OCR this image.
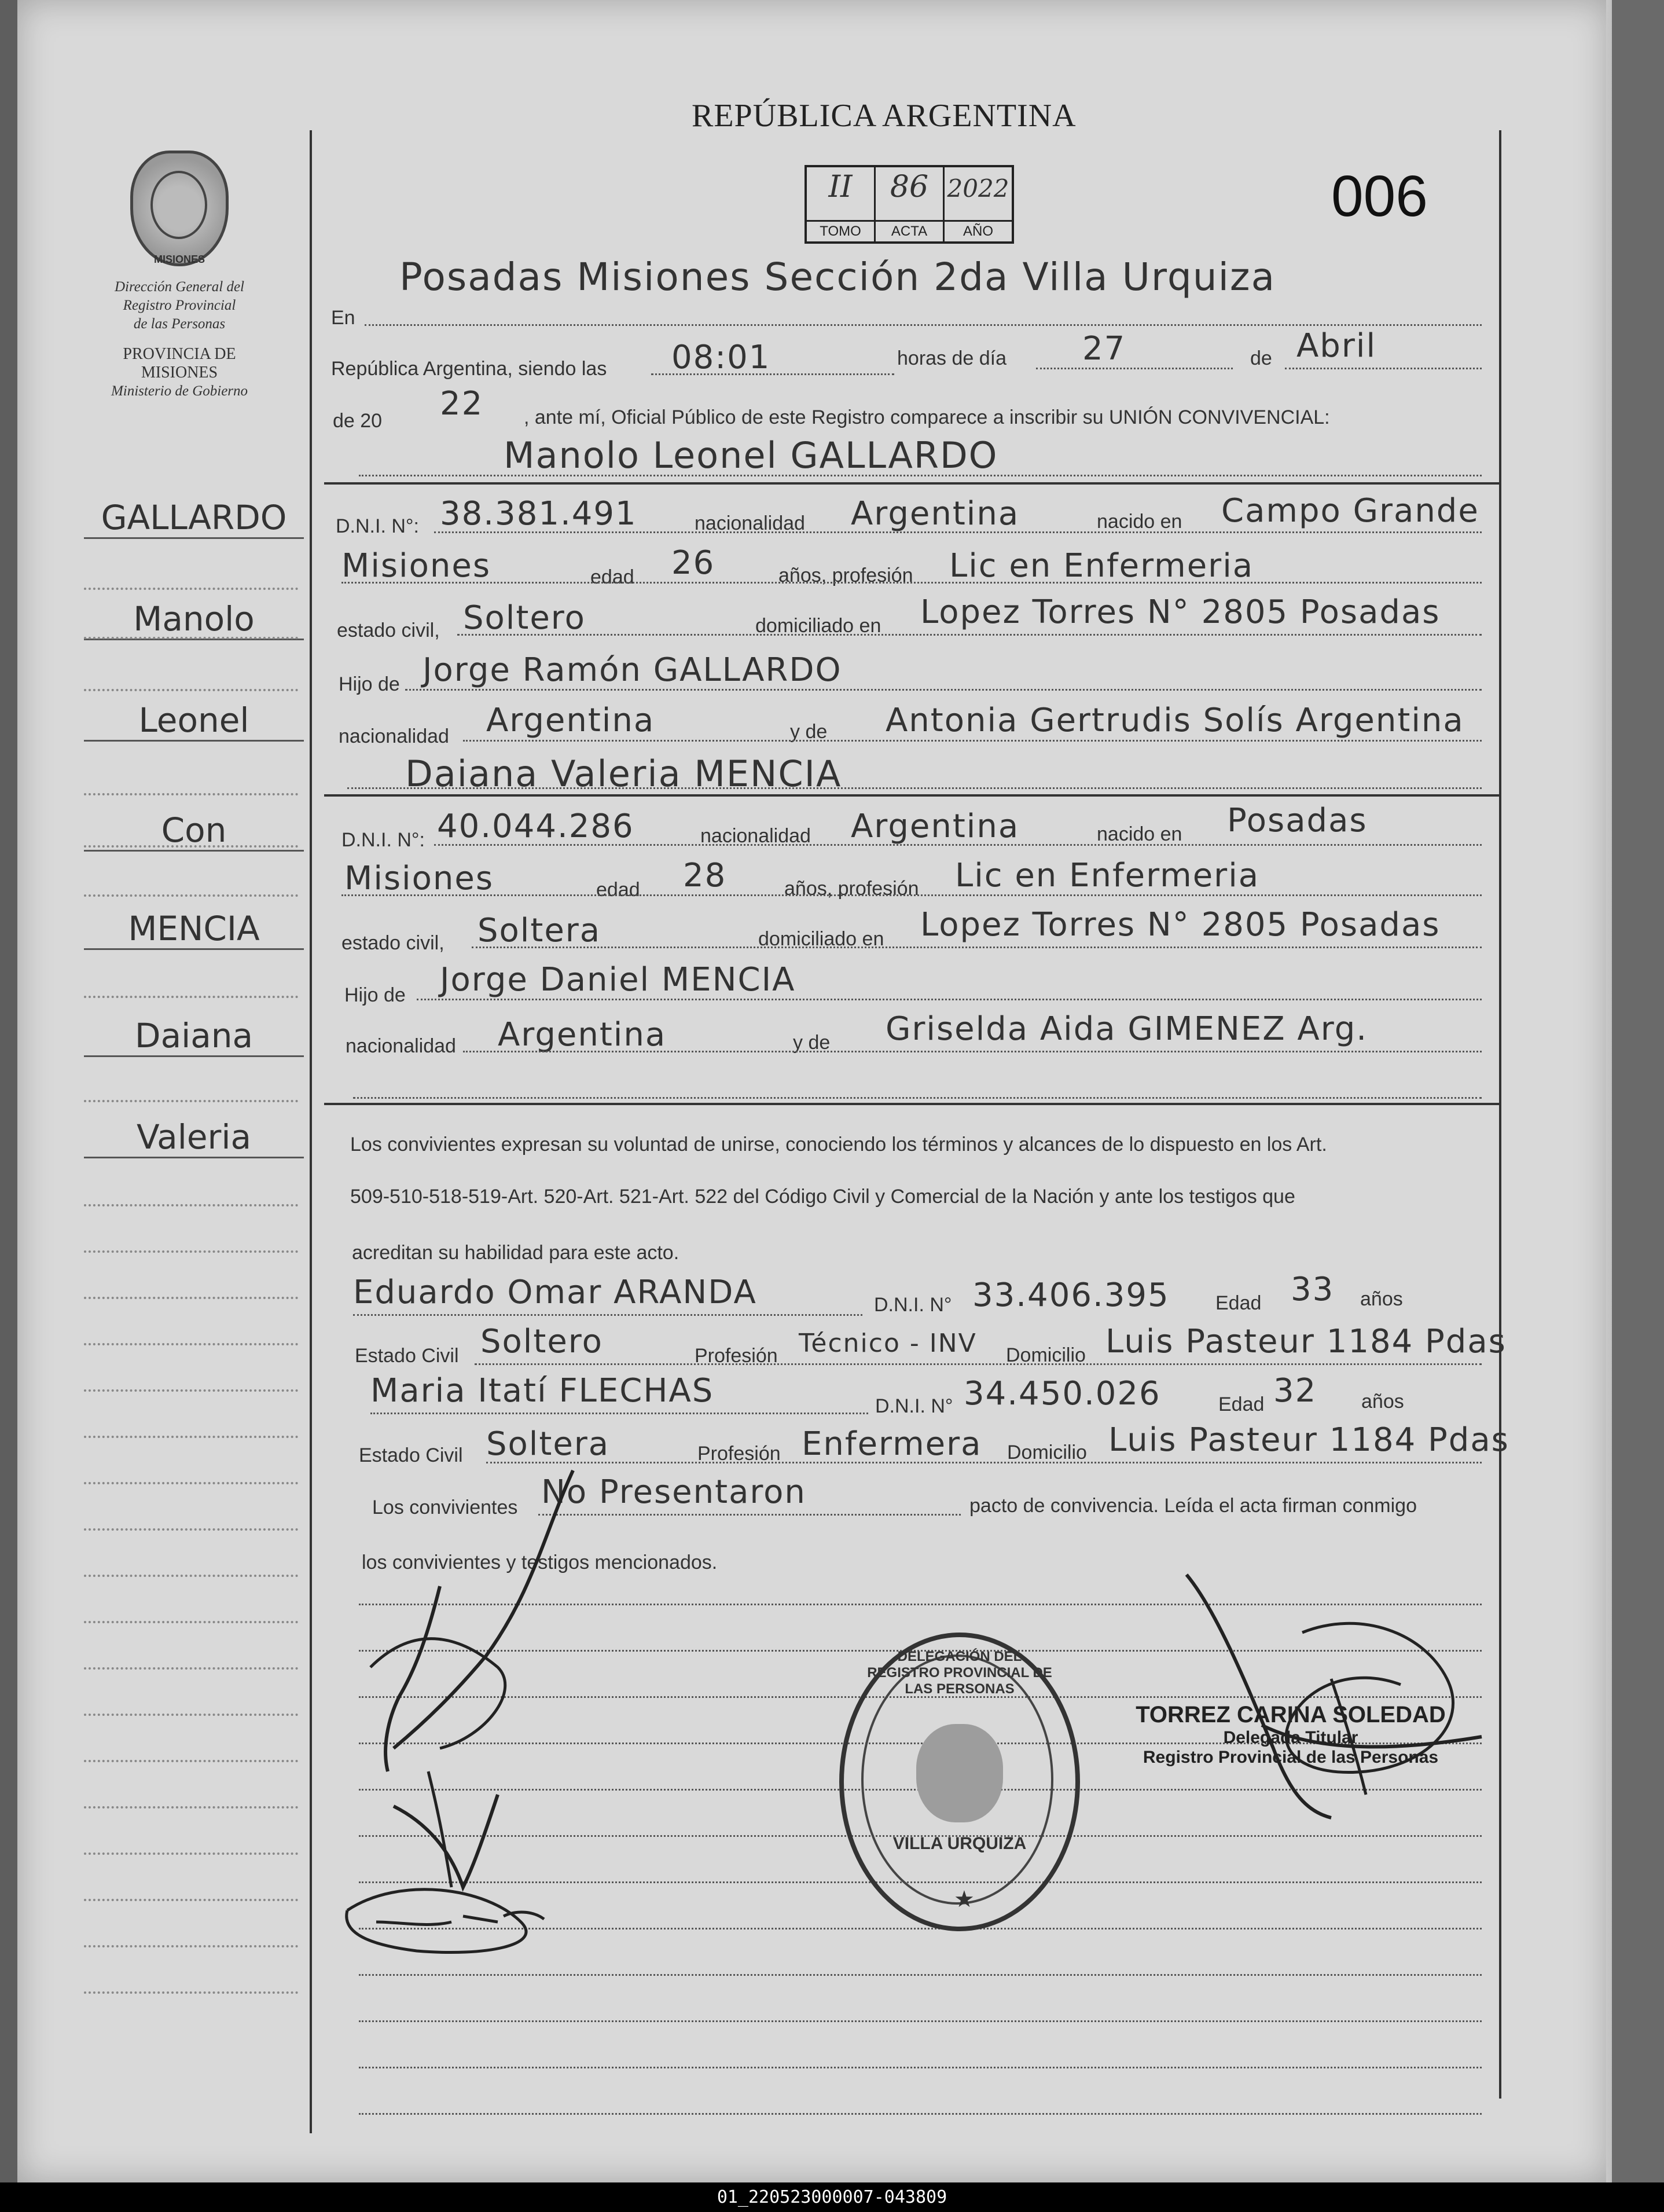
REPÚBLICA ARGENTINA
006
II
TOMO
86
ACTA
2022
AÑO
MISIONES
Dirección General del
Registro Provincial
de las Personas
PROVINCIA DE
MISIONES
Ministerio de Gobierno
GALLARDO
Manolo
Leonel
Con
MENCIA
Daiana
Valeria
En
Posadas Misiones Sección 2da Villa Urquiza
República Argentina, siendo las 08:01	horas de día 27	de Abril
de 20 22 , ante mí, Oficial Público de este Registro comparece a inscribir su UNIÓN CONVIVENCIAL:
Manolo Leonel GALLARDO
D.N.I. N°: 38.381.491	nacionalidad Argentina	nacido en Campo Grande
Misiones	edad 26	años, profesión Lic en Enfermeria
estado civil, Soltero	domiciliado en Lopez Torres N° 2805 Posadas
Hijo de Jorge Ramón GALLARDO
nacionalidad Argentina	y de Antonia Gertrudis Solís Argentina
Daiana Valeria MENCIA
D.N.I. N°: 40.044.286	nacionalidad Argentina	nacido en Posadas
Misiones	edad 28	años, profesión Lic en Enfermeria
estado civil, Soltera	domiciliado en Lopez Torres N° 2805 Posadas
Hijo de Jorge Daniel MENCIA
nacionalidad Argentina	y de Griselda Aida GIMENEZ Arg.
Los convivientes expresan su voluntad de unirse, conociendo los términos y alcances de lo dispuesto en los Art.
509-510-518-519-Art. 520-Art. 521-Art. 522 del Código Civil y Comercial de la Nación y ante los testigos que
acreditan su habilidad para este acto.
Eduardo Omar ARANDA	D.N.I. N° 33.406.395 Edad 33 años
Estado Civil Soltero	Profesión Técnico - INV Domicilio Luis Pasteur 1184 Pdas
Maria Itatí FLECHAS	D.N.I. N° 34.450.026	Edad 32 años
Estado Civil Soltera	Profesión Enfermera Domicilio Luis Pasteur 1184 Pdas
Los convivientes No Presentaron	pacto de convivencia. Leída el acta firman conmigo
los convivientes y testigos mencionados.
DELEGACIÓN DEL REGISTRO PROVINCIAL DE LAS PERSONAS
VILLA URQUIZA
★
TORREZ CARINA SOLEDAD
Delegada Titular
Registro Provincial de las Personas
01_220523000007-043809
